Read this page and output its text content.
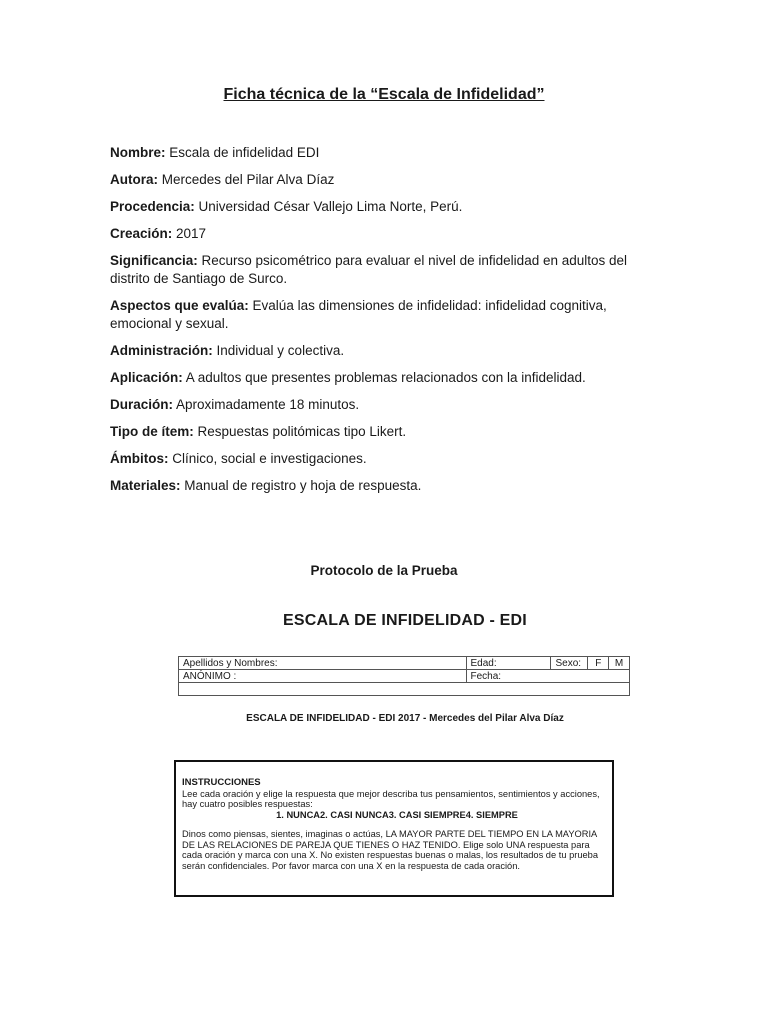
Ficha técnica de la “Escala de Infidelidad”

Nombre: Escala de infidelidad EDI

Autora: Mercedes del Pilar Alva Díaz

Procedencia: Universidad César Vallejo Lima Norte, Perú.

Creación: 2017

Significancia: Recurso psicométrico para evaluar el nivel de infidelidad en adultos del distrito de Santiago de Surco.

Aspectos que evalúa: Evalúa las dimensiones de infidelidad: infidelidad cognitiva, emocional y sexual.

Administración: Individual y colectiva.

Aplicación: A adultos que presentes problemas relacionados con la infidelidad.

Duración: Aproximadamente 18 minutos.

Tipo de ítem: Respuestas politómicas tipo Likert.

Ámbitos: Clínico, social e investigaciones.

Materiales: Manual de registro y hoja de respuesta.

Protocolo de la Prueba
ESCALA DE INFIDELIDAD - EDI
Apellidos y Nombres:	Edad:	Sexo:	F	M
ANÓNIMO :	Fecha:			

ESCALA DE INFIDELIDAD - EDI 2017 - Mercedes del Pilar Alva Díaz
INSTRUCCIONES

Lee cada oración y elige la respuesta que mejor describa tus pensamientos, sentimientos y acciones, hay cuatro posibles respuestas:

1. NUNCA2. CASI NUNCA3. CASI SIEMPRE4. SIEMPRE

Dinos como piensas, sientes, imaginas o actúas, LA MAYOR PARTE DEL TIEMPO EN LA MAYORIA DE LAS RELACIONES DE PAREJA QUE TIENES O HAZ TENIDO. Elige solo UNA respuesta para cada oración y marca con una X. No existen respuestas buenas o malas, los resultados de tu prueba serán confidenciales. Por favor marca con una X en la respuesta de cada oración.
